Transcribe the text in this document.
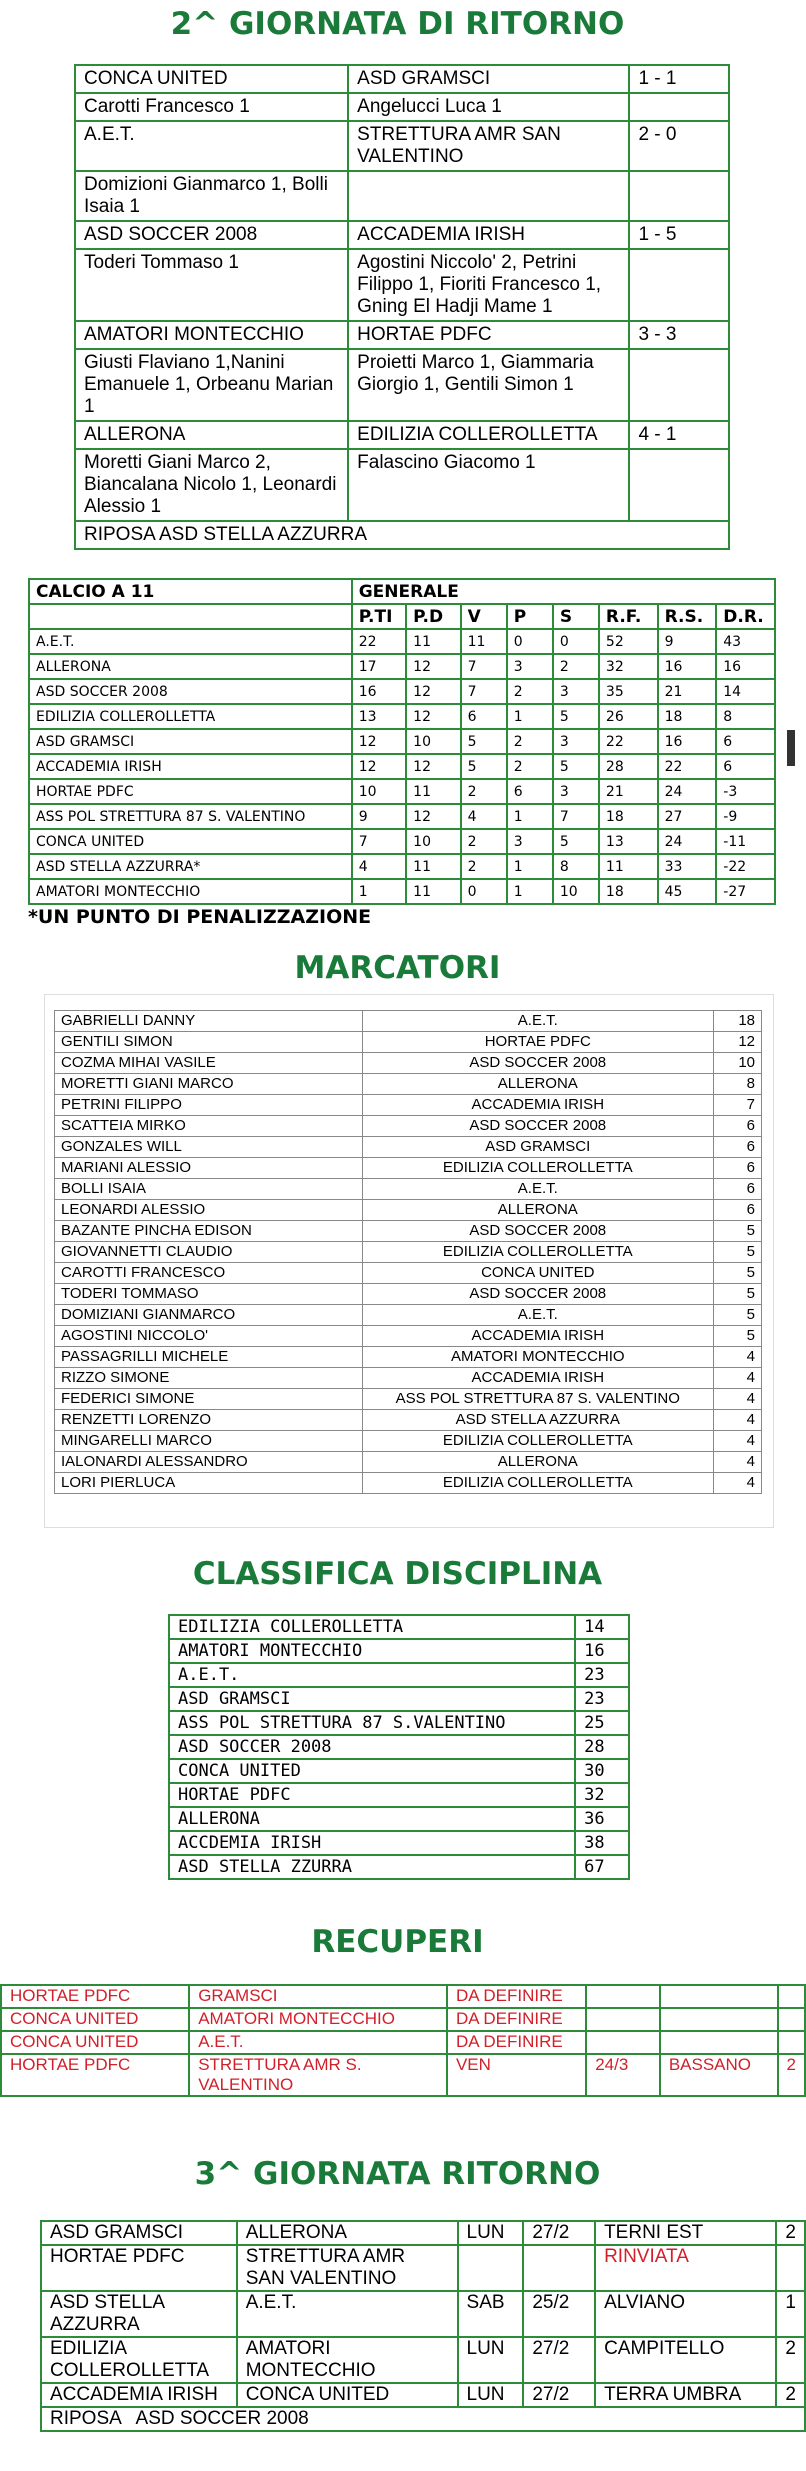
2^ GIORNATA DI RITORNO
CONCA UNITED	ASD GRAMSCI	1 - 1
Carotti Francesco 1	Angelucci Luca 1	
A.E.T.	STRETTURA AMR SAN VALENTINO	2 - 0
Domizioni Gianmarco 1, Bolli Isaia 1		
ASD SOCCER 2008	ACCADEMIA IRISH	1 - 5
Toderi Tommaso 1	Agostini Niccolo' 2, Petrini Filippo 1, Fioriti Francesco 1, Gning El Hadji Mame 1	
AMATORI MONTECCHIO	HORTAE PDFC	3 - 3
Giusti Flaviano 1,Nanini Emanuele 1, Orbeanu Marian 1	Proietti Marco 1, Giammaria Giorgio 1, Gentili Simon 1	
ALLERONA	EDILIZIA COLLEROLLETTA	4 - 1
Moretti Giani Marco 2, Biancalana Nicolo 1, Leonardi Alessio 1	Falascino Giacomo 1	
RIPOSA ASD STELLA AZZURRA		
CALCIO A 11	GENERALE							
	P.TI	P.D	V	P	S	R.F.	R.S.	D.R.
A.E.T.	22	11	11	0	0	52	9	43
ALLERONA	17	12	7	3	2	32	16	16
ASD SOCCER 2008	16	12	7	2	3	35	21	14
EDILIZIA COLLEROLLETTA	13	12	6	1	5	26	18	8
ASD GRAMSCI	12	10	5	2	3	22	16	6
ACCADEMIA IRISH	12	12	5	2	5	28	22	6
HORTAE PDFC	10	11	2	6	3	21	24	-3
ASS POL STRETTURA 87 S. VALENTINO	9	12	4	1	7	18	27	-9
CONCA UNITED	7	10	2	3	5	13	24	-11
ASD STELLA AZZURRA*	4	11	2	1	8	11	33	-22
AMATORI MONTECCHIO	1	11	0	1	10	18	45	-27
*UN PUNTO DI PENALIZZAZIONE
MARCATORI
GABRIELLI DANNY	A.E.T.	18
GENTILI SIMON	HORTAE PDFC	12
COZMA MIHAI VASILE	ASD SOCCER 2008	10
MORETTI GIANI MARCO	ALLERONA	8
PETRINI FILIPPO	ACCADEMIA IRISH	7
SCATTEIA MIRKO	ASD SOCCER 2008	6
GONZALES WILL	ASD GRAMSCI	6
MARIANI ALESSIO	EDILIZIA COLLEROLLETTA	6
BOLLI ISAIA	A.E.T.	6
LEONARDI ALESSIO	ALLERONA	6
BAZANTE PINCHA EDISON	ASD SOCCER 2008	5
GIOVANNETTI CLAUDIO	EDILIZIA COLLEROLLETTA	5
CAROTTI FRANCESCO	CONCA UNITED	5
TODERI TOMMASO	ASD SOCCER 2008	5
DOMIZIANI GIANMARCO	A.E.T.	5
AGOSTINI NICCOLO'	ACCADEMIA IRISH	5
PASSAGRILLI MICHELE	AMATORI MONTECCHIO	4
RIZZO SIMONE	ACCADEMIA IRISH	4
FEDERICI SIMONE	ASS POL STRETTURA 87 S. VALENTINO	4
RENZETTI LORENZO	ASD STELLA AZZURRA	4
MINGARELLI MARCO	EDILIZIA COLLEROLLETTA	4
IALONARDI ALESSANDRO	ALLERONA	4
LORI PIERLUCA	EDILIZIA COLLEROLLETTA	4
CLASSIFICA DISCIPLINA
EDILIZIA COLLEROLLETTA	14
AMATORI MONTECCHIO	16
A.E.T.	23
ASD GRAMSCI	23
ASS POL STRETTURA 87 S.VALENTINO	25
ASD SOCCER 2008	28
CONCA UNITED	30
HORTAE PDFC	32
ALLERONA	36
ACCDEMIA IRISH	38
ASD STELLA ZZURRA	67
RECUPERI
HORTAE PDFC	GRAMSCI	DA DEFINIRE			
CONCA UNITED	AMATORI MONTECCHIO	DA DEFINIRE			
CONCA UNITED	A.E.T.	DA DEFINIRE			
HORTAE PDFC	STRETTURA AMR S. VALENTINO	VEN	24/3	BASSANO	2
3^ GIORNATA RITORNO
ASD GRAMSCI	ALLERONA	LUN	27/2	TERNI EST	2
HORTAE PDFC	STRETTURA AMR SAN VALENTINO			RINVIATA	
ASD STELLA AZZURRA	A.E.T.	SAB	25/2	ALVIANO	1
EDILIZIA COLLEROLLETTA	AMATORI MONTECCHIO	LUN	27/2	CAMPITELLO	2
ACCADEMIA IRISH	CONCA UNITED	LUN	27/2	TERRA UMBRA	2
RIPOSA   ASD SOCCER 2008					
